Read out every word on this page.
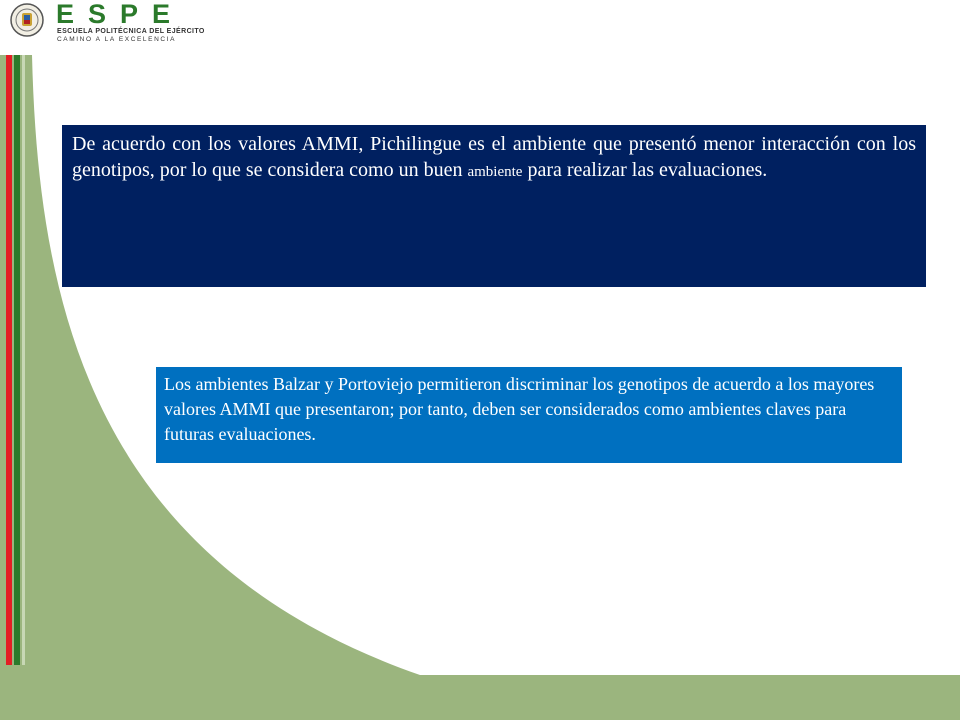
ESPE
ESCUELA POLITÉCNICA DEL EJÉRCITO
CAMINO A LA EXCELENCIA
De acuerdo con los valores AMMI, Pichilingue es el ambiente que presentó menor interacción con los genotipos, por lo que se considera como un buen ambiente para realizar las evaluaciones.
Los ambientes Balzar y Portoviejo permitieron discriminar los genotipos de acuerdo a los mayores valores AMMI que presentaron; por tanto, deben ser considerados como ambientes claves para futuras evaluaciones.
